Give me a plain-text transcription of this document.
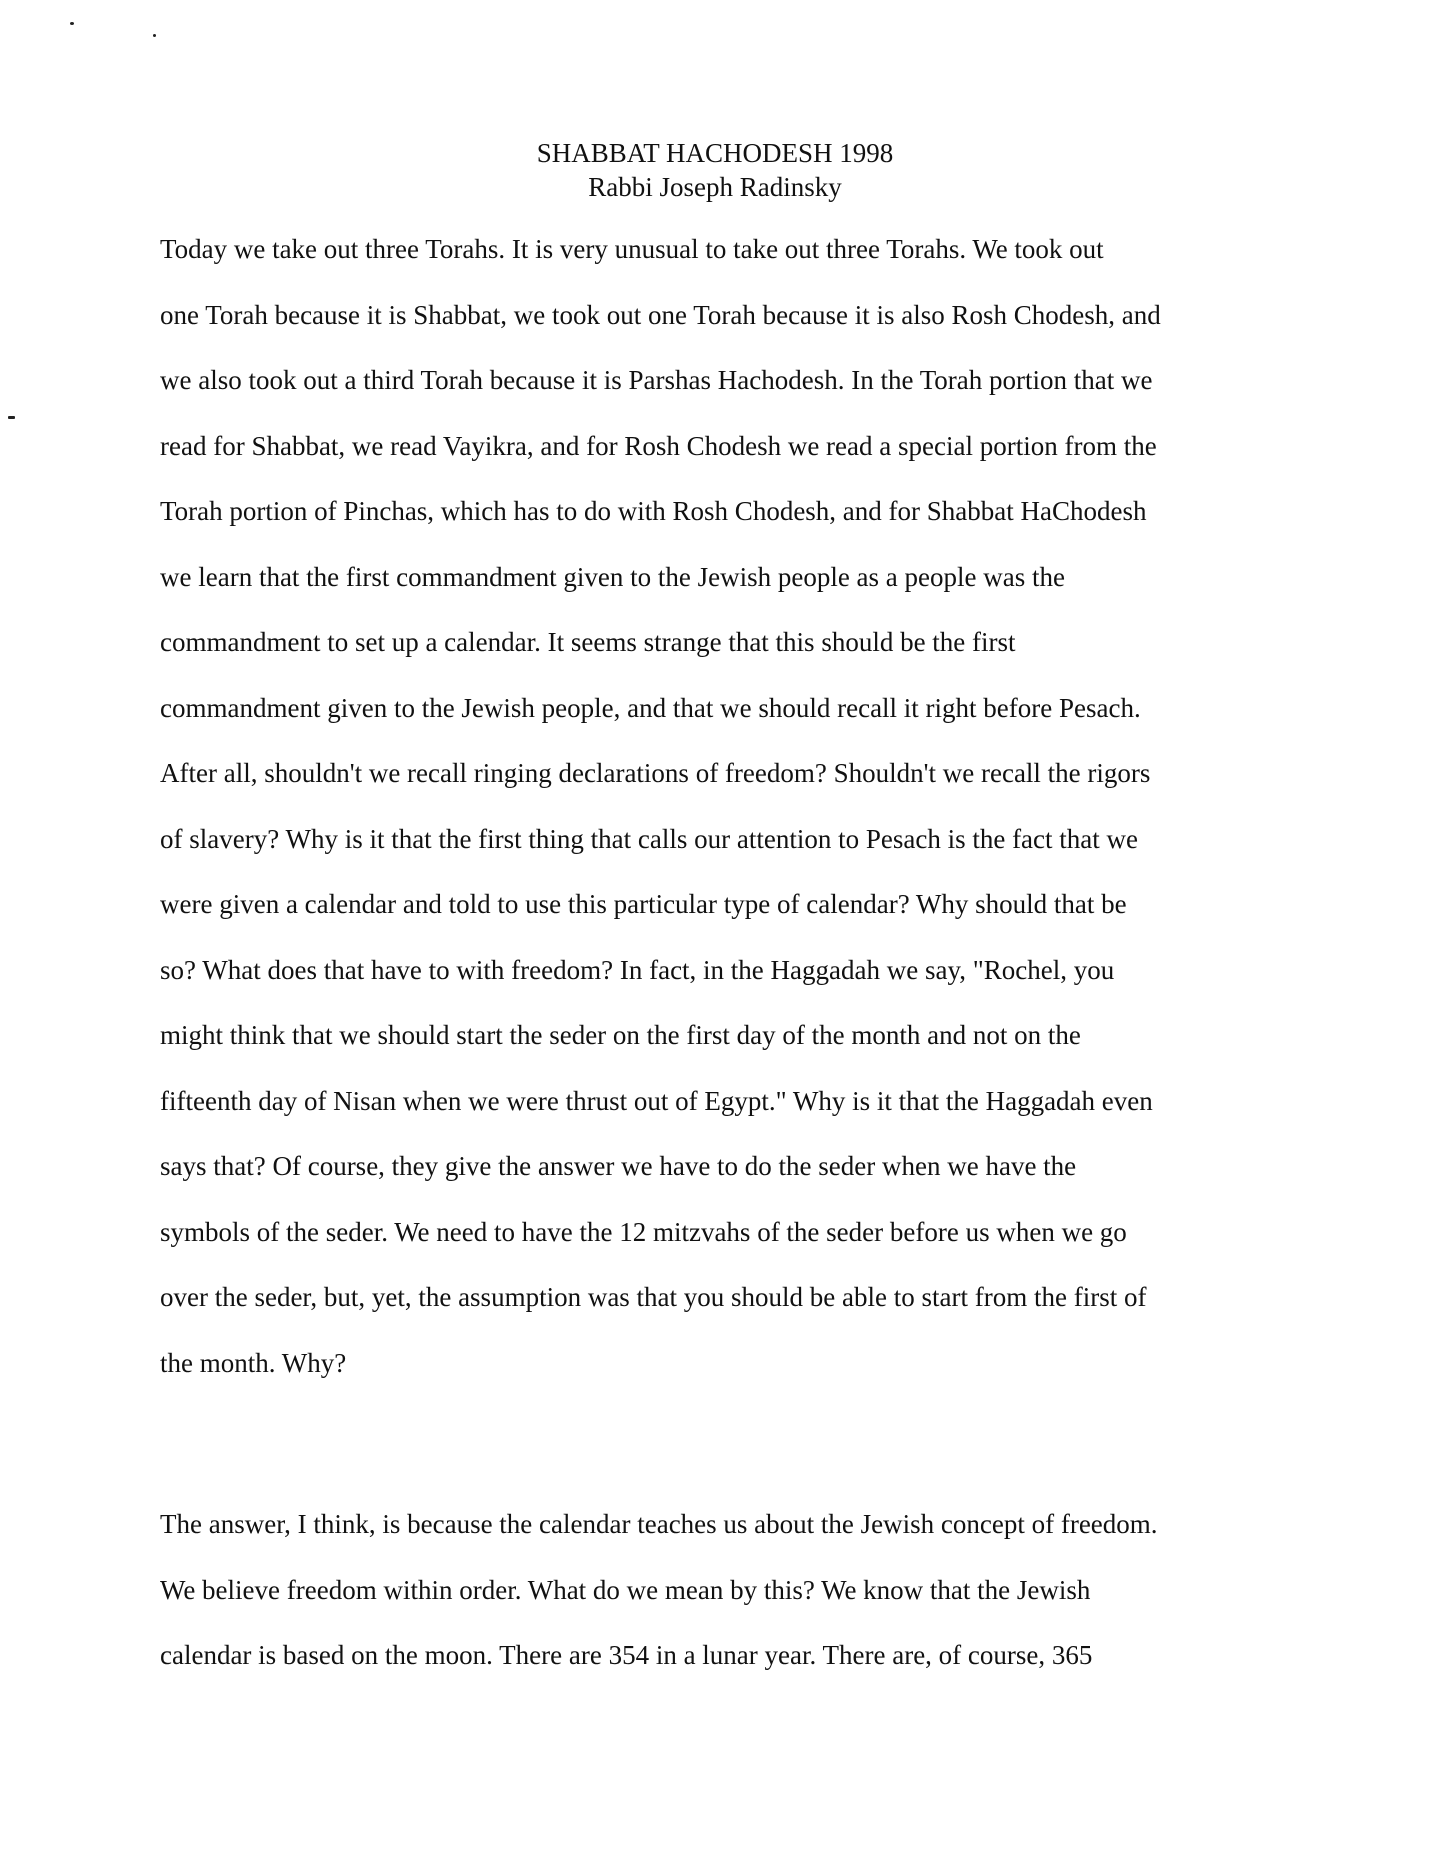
SHABBAT HACHODESH 1998
Rabbi Joseph Radinsky
Today we take out three Torahs. It is very unusual to take out three Torahs. We took out
one Torah because it is Shabbat, we took out one Torah because it is also Rosh Chodesh, and
we also took out a third Torah because it is Parshas Hachodesh. In the Torah portion that we
read for Shabbat, we read Vayikra, and for Rosh Chodesh we read a special portion from the
Torah portion of Pinchas, which has to do with Rosh Chodesh, and for Shabbat HaChodesh
we learn that the first commandment given to the Jewish people as a people was the
commandment to set up a calendar. It seems strange that this should be the first
commandment given to the Jewish people, and that we should recall it right before Pesach.
After all, shouldn't we recall ringing declarations of freedom? Shouldn't we recall the rigors
of slavery? Why is it that the first thing that calls our attention to Pesach is the fact that we
were given a calendar and told to use this particular type of calendar? Why should that be
so? What does that have to with freedom? In fact, in the Haggadah we say, "Rochel, you
might think that we should start the seder on the first day of the month and not on the
fifteenth day of Nisan when we were thrust out of Egypt." Why is it that the Haggadah even
says that? Of course, they give the answer we have to do the seder when we have the
symbols of the seder. We need to have the 12 mitzvahs of the seder before us when we go
over the seder, but, yet, the assumption was that you should be able to start from the first of
the month. Why?
The answer, I think, is because the calendar teaches us about the Jewish concept of freedom.
We believe freedom within order. What do we mean by this? We know that the Jewish
calendar is based on the moon. There are 354 in a lunar year. There are, of course, 365
